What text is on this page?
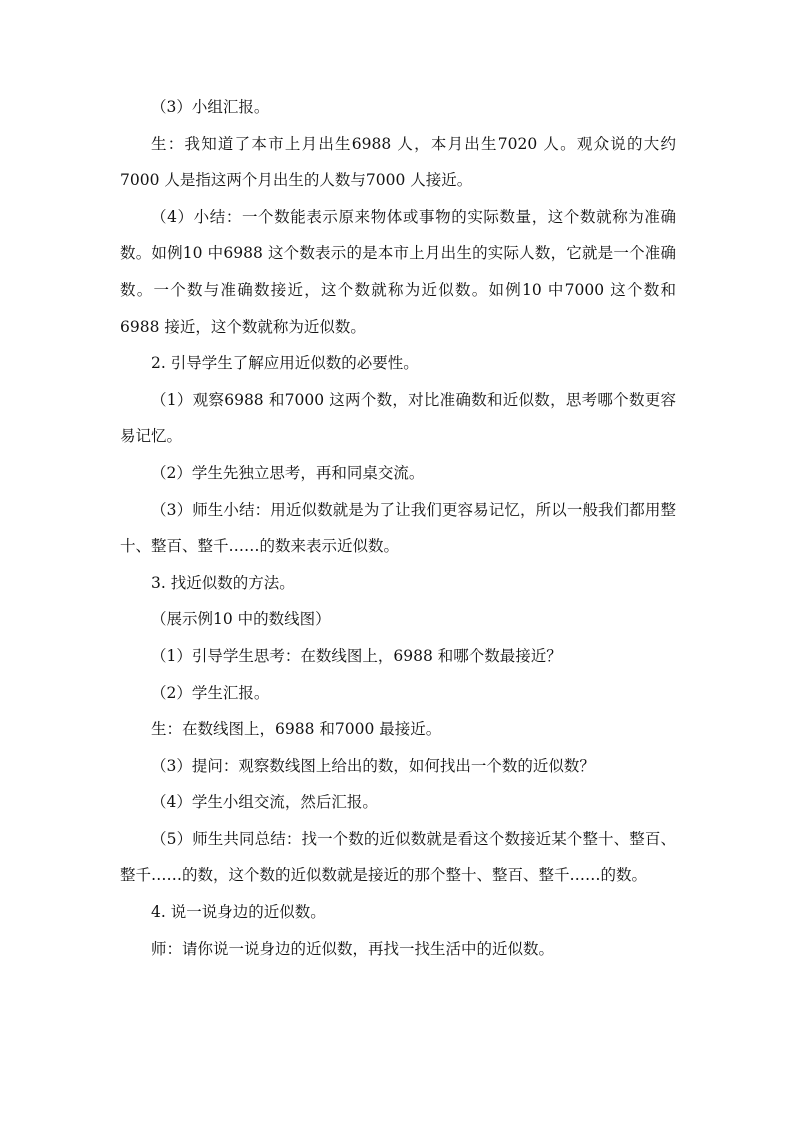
（3）小组汇报。

生：我知道了本市上月出生6988 人，本月出生7020 人。观众说的大约7000 人是指这两个月出生的人数与7000 人接近。

（4）小结：一个数能表示原来物体或事物的实际数量，这个数就称为准确数。如例10 中6988 这个数表示的是本市上月出生的实际人数，它就是一个准确数。一个数与准确数接近，这个数就称为近似数。如例10 中7000 这个数和6988 接近，这个数就称为近似数。

2. 引导学生了解应用近似数的必要性。

（1）观察6988 和7000 这两个数，对比准确数和近似数，思考哪个数更容易记忆。

（2）学生先独立思考，再和同桌交流。

（3）师生小结：用近似数就是为了让我们更容易记忆，所以一般我们都用整十、整百、整千……的数来表示近似数。

3. 找近似数的方法。

（展示例10 中的数线图）

（1）引导学生思考：在数线图上，6988 和哪个数最接近？

（2）学生汇报。

生：在数线图上，6988 和7000 最接近。

（3）提问：观察数线图上给出的数，如何找出一个数的近似数？

（4）学生小组交流，然后汇报。

（5）师生共同总结：找一个数的近似数就是看这个数接近某个整十、整百、整千……的数，这个数的近似数就是接近的那个整十、整百、整千……的数。

4. 说一说身边的近似数。

师：请你说一说身边的近似数，再找一找生活中的近似数。
